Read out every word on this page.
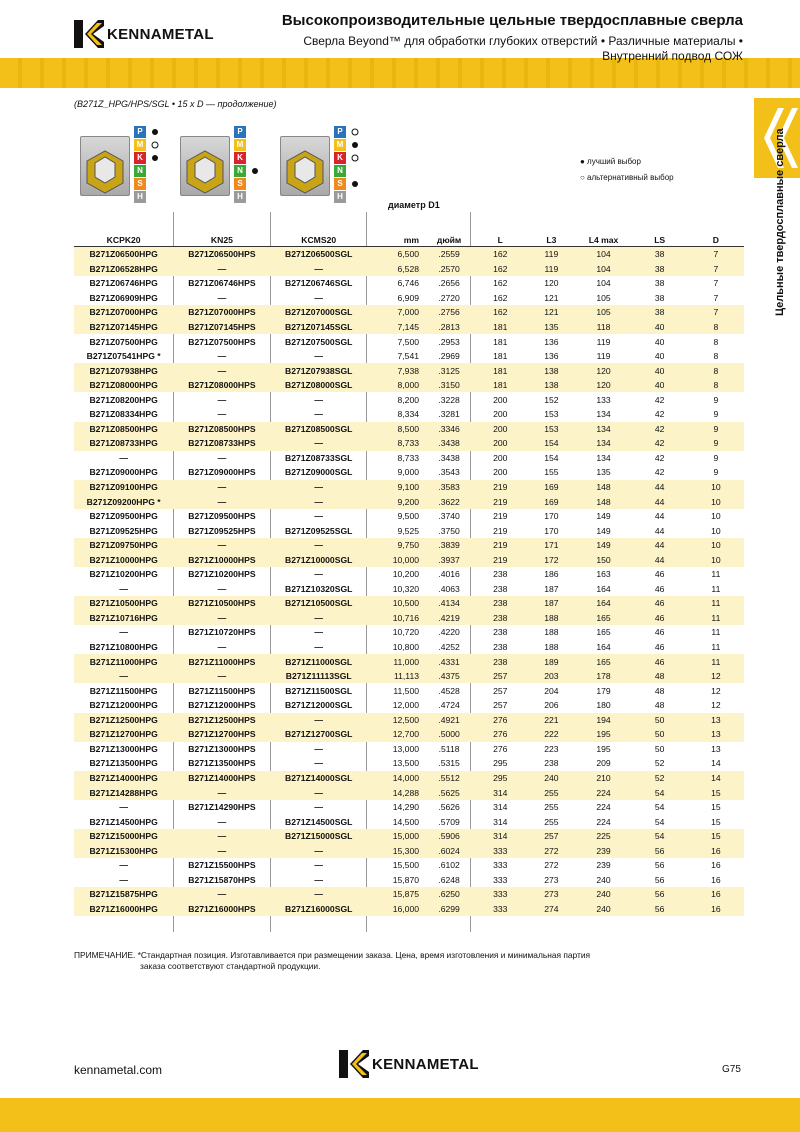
KENNAMETAL
Высокопроизводительные цельные твердосплавные сверла
Сверла Beyond™ для обработки глубоких отверстий • Различные материалы •
Внутренний подвод СОЖ
Цельные твердосплавные сверла
(B271Z_HPG/HPS/SGL • 15 x D — продолжение)
P
M
K
N
S
H
P
M
K
N
S
H
P
M
K
N
S
H
● лучший выбор
○ альтернативный выбор
диаметр D1
KCPK20	KN25	KCMS20	mm	дюйм	L	L3	L4 max	LS	D
B271Z06500HPG	B271Z06500HPS	B271Z06500SGL	6,500	.2559	162	119	104	38	7
B271Z06528HPG	—	—	6,528	.2570	162	119	104	38	7
B271Z06746HPG	B271Z06746HPS	B271Z06746SGL	6,746	.2656	162	120	104	38	7
B271Z06909HPG	—	—	6,909	.2720	162	121	105	38	7
B271Z07000HPG	B271Z07000HPS	B271Z07000SGL	7,000	.2756	162	121	105	38	7
B271Z07145HPG	B271Z07145HPS	B271Z07145SGL	7,145	.2813	181	135	118	40	8
B271Z07500HPG	B271Z07500HPS	B271Z07500SGL	7,500	.2953	181	136	119	40	8
B271Z07541HPG *	—	—	7,541	.2969	181	136	119	40	8
B271Z07938HPG	—	B271Z07938SGL	7,938	.3125	181	138	120	40	8
B271Z08000HPG	B271Z08000HPS	B271Z08000SGL	8,000	.3150	181	138	120	40	8
B271Z08200HPG	—	—	8,200	.3228	200	152	133	42	9
B271Z08334HPG	—	—	8,334	.3281	200	153	134	42	9
B271Z08500HPG	B271Z08500HPS	B271Z08500SGL	8,500	.3346	200	153	134	42	9
B271Z08733HPG	B271Z08733HPS	—	8,733	.3438	200	154	134	42	9
—	—	B271Z08733SGL	8,733	.3438	200	154	134	42	9
B271Z09000HPG	B271Z09000HPS	B271Z09000SGL	9,000	.3543	200	155	135	42	9
B271Z09100HPG	—	—	9,100	.3583	219	169	148	44	10
B271Z09200HPG *	—	—	9,200	.3622	219	169	148	44	10
B271Z09500HPG	B271Z09500HPS	—	9,500	.3740	219	170	149	44	10
B271Z09525HPG	B271Z09525HPS	B271Z09525SGL	9,525	.3750	219	170	149	44	10
B271Z09750HPG	—	—	9,750	.3839	219	171	149	44	10
B271Z10000HPG	B271Z10000HPS	B271Z10000SGL	10,000	.3937	219	172	150	44	10
B271Z10200HPG	B271Z10200HPS	—	10,200	.4016	238	186	163	46	11
—	—	B271Z10320SGL	10,320	.4063	238	187	164	46	11
B271Z10500HPG	B271Z10500HPS	B271Z10500SGL	10,500	.4134	238	187	164	46	11
B271Z10716HPG	—	—	10,716	.4219	238	188	165	46	11
—	B271Z10720HPS	—	10,720	.4220	238	188	165	46	11
B271Z10800HPG	—	—	10,800	.4252	238	188	164	46	11
B271Z11000HPG	B271Z11000HPS	B271Z11000SGL	11,000	.4331	238	189	165	46	11
—	—	B271Z11113SGL	11,113	.4375	257	203	178	48	12
B271Z11500HPG	B271Z11500HPS	B271Z11500SGL	11,500	.4528	257	204	179	48	12
B271Z12000HPG	B271Z12000HPS	B271Z12000SGL	12,000	.4724	257	206	180	48	12
B271Z12500HPG	B271Z12500HPS	—	12,500	.4921	276	221	194	50	13
B271Z12700HPG	B271Z12700HPS	B271Z12700SGL	12,700	.5000	276	222	195	50	13
B271Z13000HPG	B271Z13000HPS	—	13,000	.5118	276	223	195	50	13
B271Z13500HPG	B271Z13500HPS	—	13,500	.5315	295	238	209	52	14
B271Z14000HPG	B271Z14000HPS	B271Z14000SGL	14,000	.5512	295	240	210	52	14
B271Z14288HPG	—	—	14,288	.5625	314	255	224	54	15
—	B271Z14290HPS	—	14,290	.5626	314	255	224	54	15
B271Z14500HPG	—	B271Z14500SGL	14,500	.5709	314	255	224	54	15
B271Z15000HPG	—	B271Z15000SGL	15,000	.5906	314	257	225	54	15
B271Z15300HPG	—	—	15,300	.6024	333	272	239	56	16
—	B271Z15500HPS	—	15,500	.6102	333	272	239	56	16
—	B271Z15870HPS	—	15,870	.6248	333	273	240	56	16
B271Z15875HPG	—	—	15,875	.6250	333	273	240	56	16
B271Z16000HPG	B271Z16000HPS	B271Z16000SGL	16,000	.6299	333	274	240	56	16
ПРИМЕЧАНИЕ. *Стандартная позиция. Изготавливается при размещении заказа. Цена, время изготовления и минимальная партия
заказа соответствуют стандартной продукции.
kennametal.com	KENNAMETAL	G75
